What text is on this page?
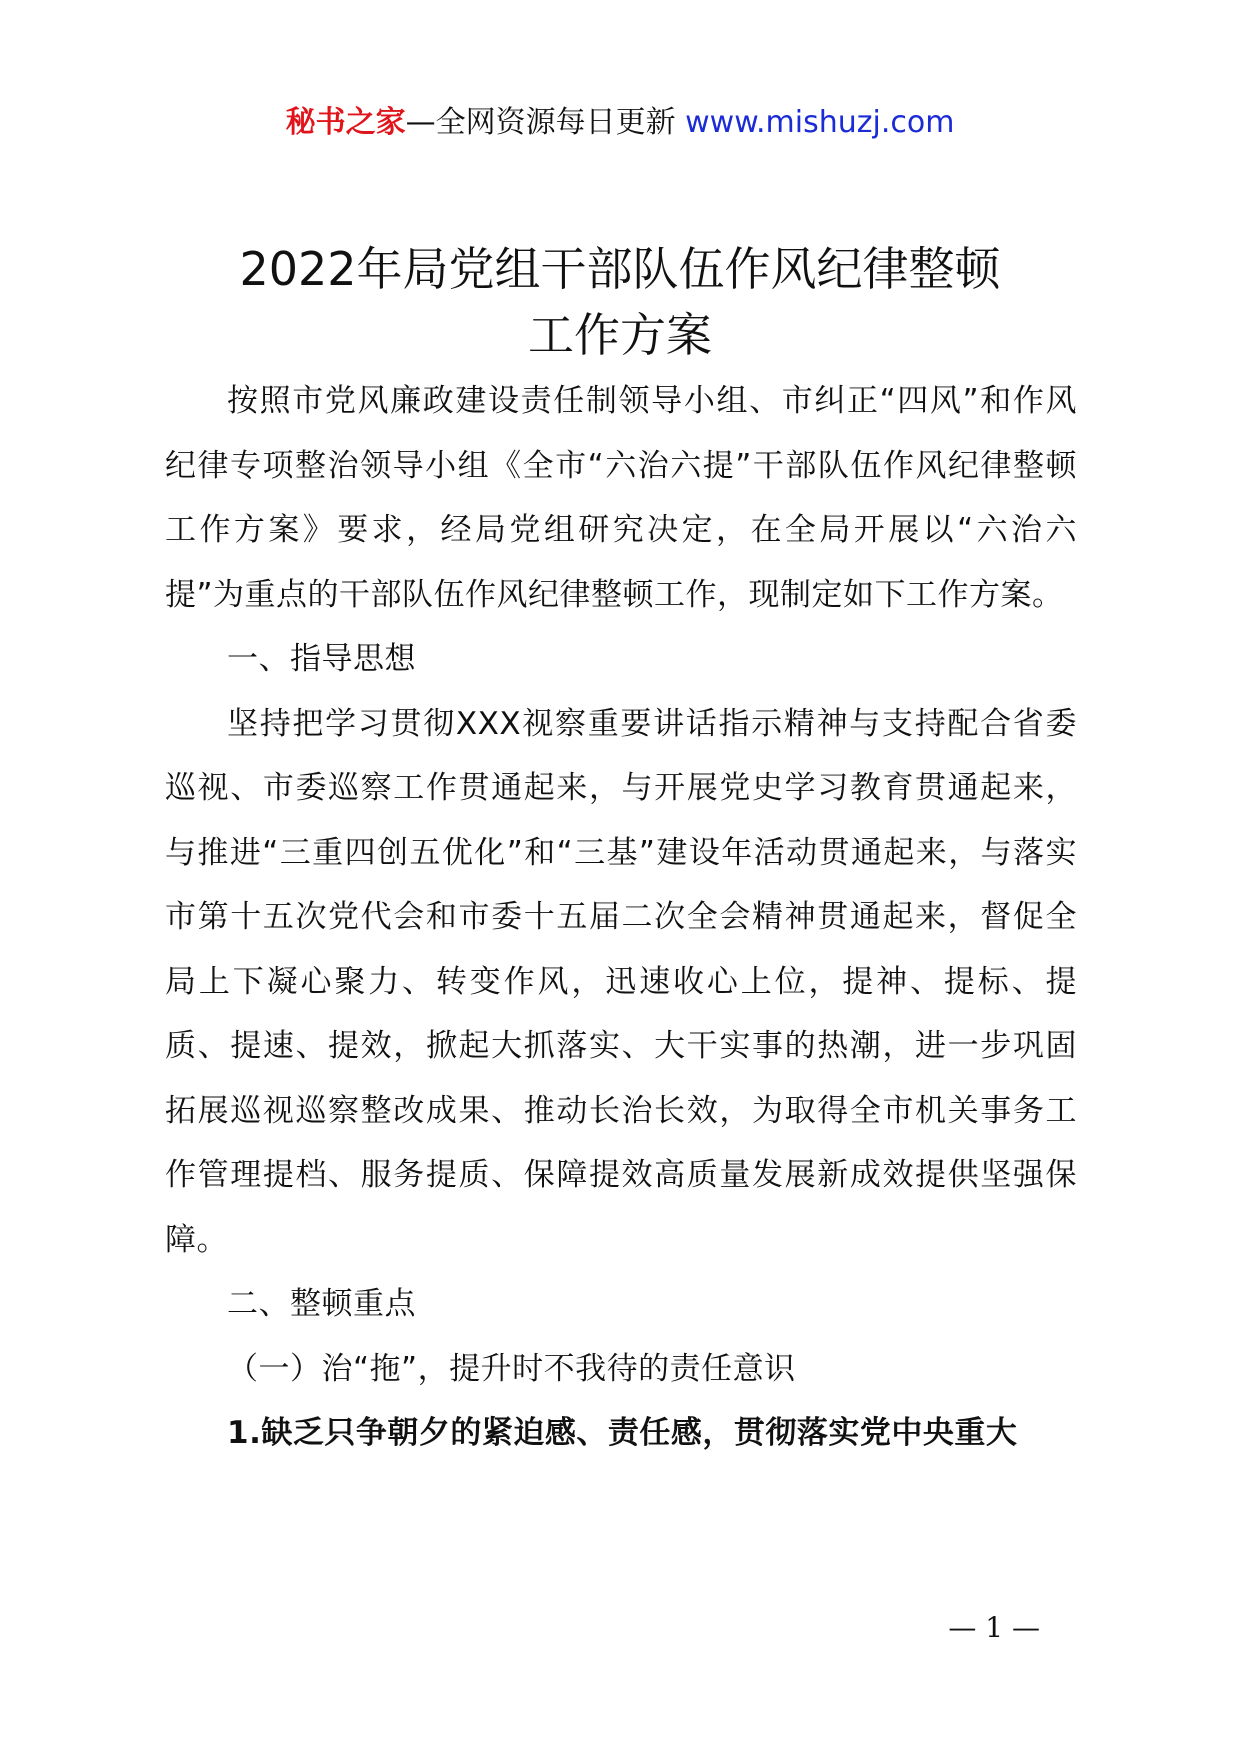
秘书之家—全网资源每日更新 www.mishuzj.com
2022年局党组干部队伍作风纪律整顿
工作方案

按照市党风廉政建设责任制领导小组、市纠正“四风”和作风纪律专项整治领导小组《全市“六治六提”干部队伍作风纪律整顿工作方案》要求，经局党组研究决定，在全局开展以“六治六提”为重点的干部队伍作风纪律整顿工作，现制定如下工作方案。

一、指导思想

坚持把学习贯彻XXX视察重要讲话指示精神与支持配合省委巡视、市委巡察工作贯通起来，与开展党史学习教育贯通起来，与推进“三重四创五优化”和“三基”建设年活动贯通起来，与落实市第十五次党代会和市委十五届二次全会精神贯通起来，督促全局上下凝心聚力、转变作风，迅速收心上位，提神、提标、提质、提速、提效，掀起大抓落实、大干实事的热潮，进一步巩固拓展巡视巡察整改成果、推动长治长效，为取得全市机关事务工作管理提档、服务提质、保障提效高质量发展新成效提供坚强保障。

二、整顿重点

（一）治“拖”，提升时不我待的责任意识

1.缺乏只争朝夕的紧迫感、责任感，贯彻落实党中央重大

— 1 —
